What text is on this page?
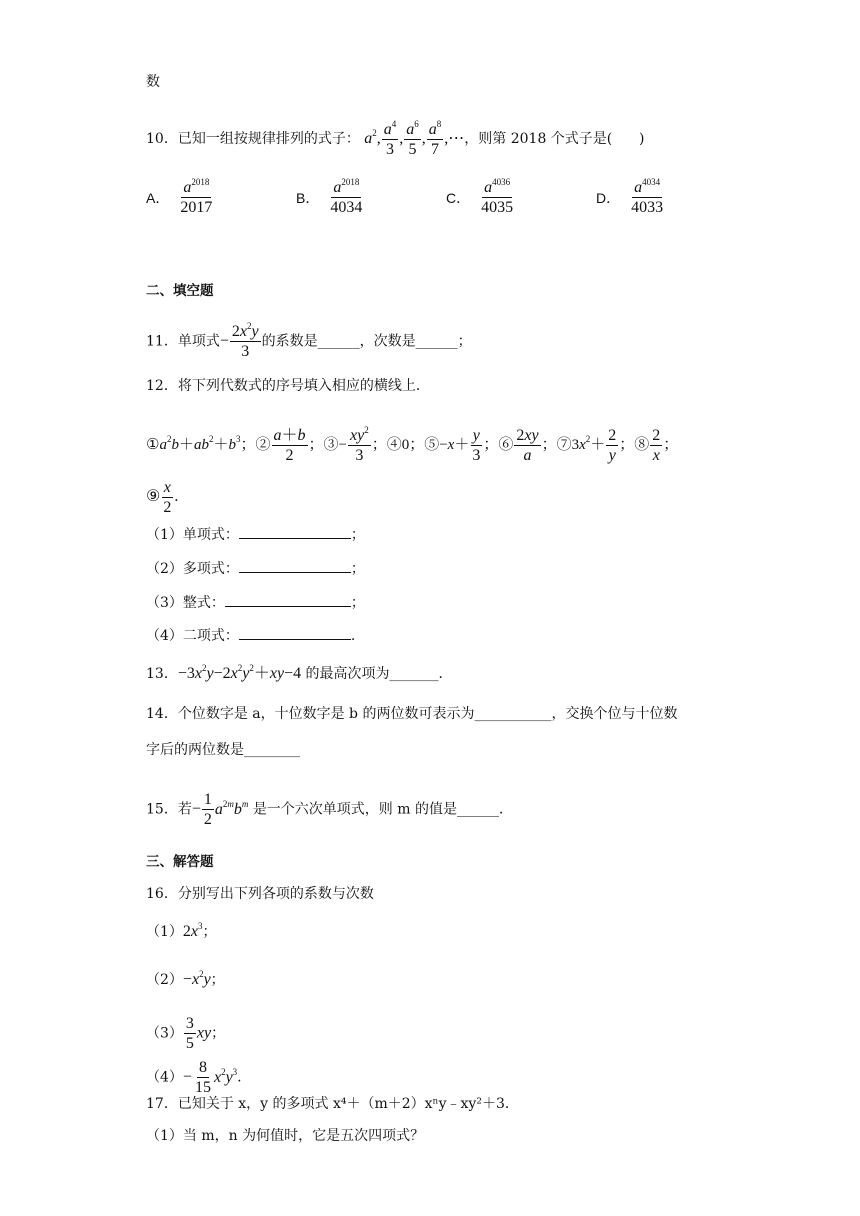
数
10．已知一组按规律排列的式子： $a^2$, $\frac{a^4}{3}$ , $\frac{a^6}{5}$ , $\frac{a^8}{7}$ ,⋯，则第 2018 个式子是( )
A． $\frac{a^{2018}}{2017}$	B． $\frac{a^{2018}}{4034}$	C． $\frac{a^{4036}}{4035}$	D． $\frac{a^{4034}}{4033}$
二、填空题
11．单项式− $\frac{2x^2y}{3}$ 的系数是______，次数是______；
12．将下列代数式的序号填入相应的横线上．
$①a^2b+ab^2+b^3$；② $\frac{a+b}{2}$ ；③− $\frac{xy^2}{3}$ ；④0；⑤−x＋ $\frac{y}{3}$ ；⑥ $\frac{2xy}{a}$ ；$⑦3x^2+ \frac{2}{y}$ ；⑧ $\frac{2}{x}$ ；
⑨ $\frac{x}{2}$ .
（1）单项式：	；
（2）多项式：	；
（3）整式：	；
（4）二项式：	.
13．$-3x^2y-2x^2y^2+xy-4$ 的最高次项为_______．
14．个位数字是 a，十位数字是 b 的两位数可表示为___________，交换个位与十位数
字后的两位数是________
15．若− $\frac{1}{2} a^{2m}b^m$ 是一个六次单项式，则 m 的值是______．
三、解答题
16．分别写出下列各项的系数与次数
$(1)2x^3$；
$(2)-x^2y$；
$(3) \frac{3}{5}$ xy；
$(4)- \frac{8}{15} x^2y^3$.
17．已知关于 x，y 的多项式 x⁴＋（m＋2）xⁿy﹣xy²＋3．
（1）当 m，n 为何值时，它是五次四项式？
